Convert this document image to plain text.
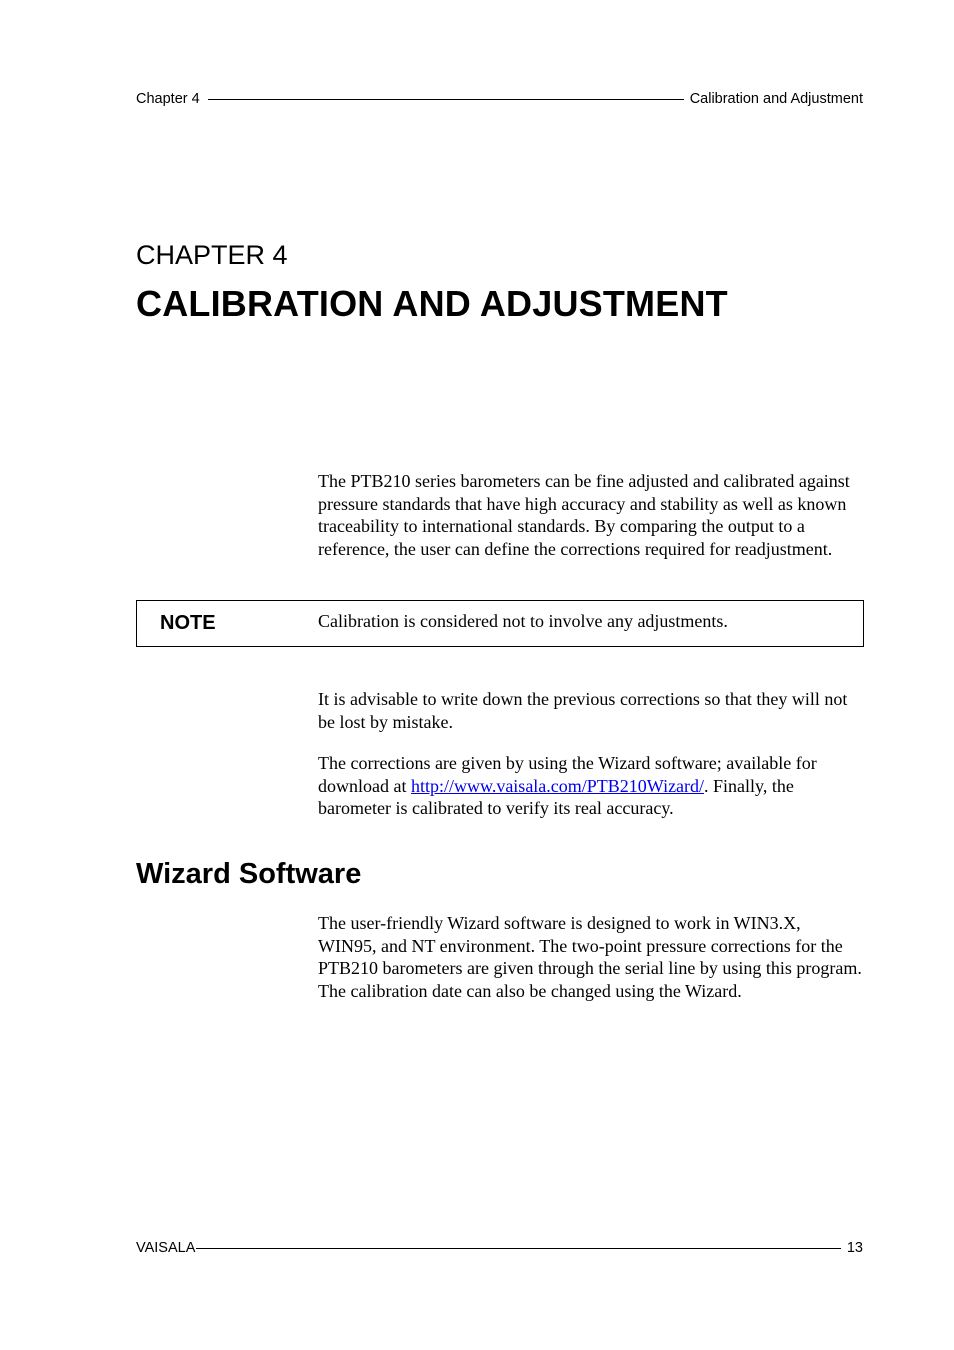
Chapter 4	Calibration and Adjustment
CHAPTER 4
CALIBRATION AND ADJUSTMENT

The PTB210 series barometers can be fine adjusted and calibrated against pressure standards that have high accuracy and stability as well as known traceability to international standards. By comparing the output to a reference, the user can define the corrections required for readjustment.

NOTE	Calibration is considered not to involve any adjustments.

It is advisable to write down the previous corrections so that they will not be lost by mistake.

The corrections are given by using the Wizard software; available for download at http://www.vaisala.com/PTB210Wizard/. Finally, the barometer is calibrated to verify its real accuracy.

Wizard Software

The user-friendly Wizard software is designed to work in WIN3.X, WIN95, and NT environment. The two-point pressure corrections for the PTB210 barometers are given through the serial line by using this program. The calibration date can also be changed using the Wizard.

VAISALA	13
